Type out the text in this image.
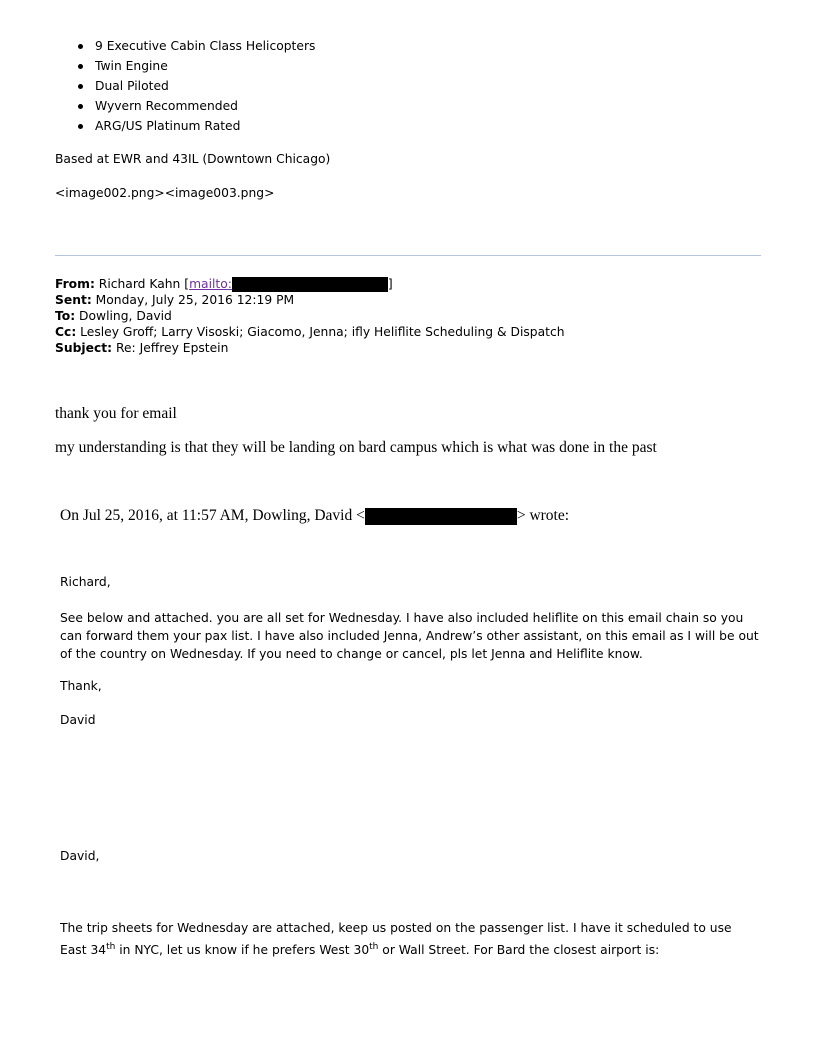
9 Executive Cabin Class Helicopters
Twin Engine
Dual Piloted
Wyvern Recommended
ARG/US Platinum Rated
Based at EWR and 43IL (Downtown Chicago)
<image002.png><image003.png>
From: Richard Kahn [mailto:	]
Sent: Monday, July 25, 2016 12:19 PM
To: Dowling, David
Cc: Lesley Groff; Larry Visoski; Giacomo, Jenna; ifly Heliflite Scheduling & Dispatch
Subject: Re: Jeffrey Epstein
thank you for email
my understanding is that they will be landing on bard campus which is what was done in the past
On Jul 25, 2016, at 11:57 AM, Dowling, David <	> wrote:
Richard,
See below and attached. you are all set for Wednesday. I have also included heliflite on this email chain so you can forward them your pax list. I have also included Jenna, Andrew’s other assistant, on this email as I will be out of the country on Wednesday. If you need to change or cancel, pls let Jenna and Heliflite know.
Thank,
David
David,
The trip sheets for Wednesday are attached, keep us posted on the passenger list. I have it scheduled to use East 34th in NYC, let us know if he prefers West 30th or Wall Street. For Bard the closest airport is:
